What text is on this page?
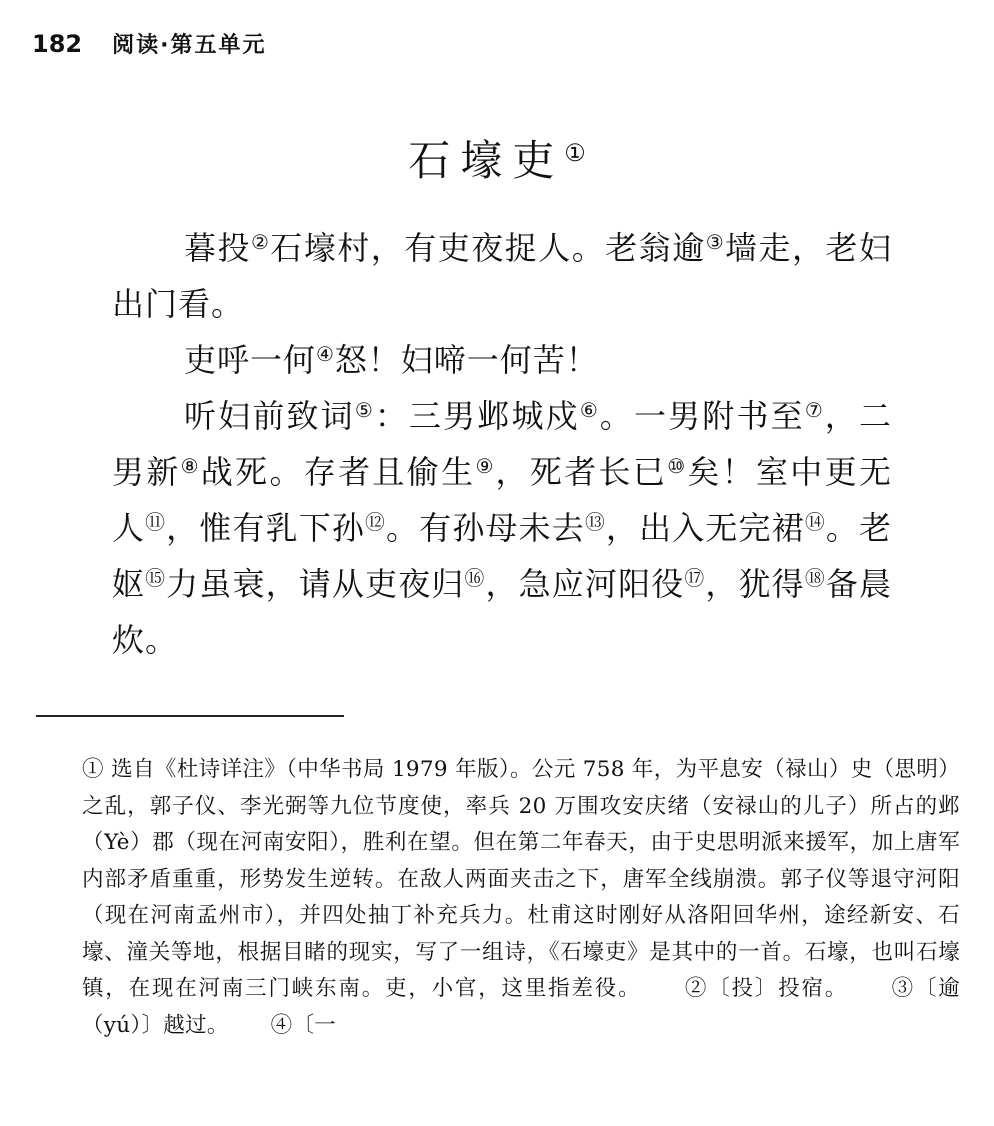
182 阅读·第五单元
石壕吏①

暮投②石壕村，有吏夜捉人。老翁逾③墙走，老妇出门看。

吏呼一何④怒！妇啼一何苦！

听妇前致词⑤：三男邺城戍⑥。一男附书至⑦，二男新⑧战死。存者且偷生⑨，死者长已⑩矣！室中更无人⑪，惟有乳下孙⑫。有孙母未去⑬，出入无完裙⑭。老妪⑮力虽衰，请从吏夜归⑯，急应河阳役⑰，犹得⑱备晨炊。

① 选自《杜诗详注》（中华书局 1979 年版）。公元 758 年，为平息安（禄山）史（思明）之乱，郭子仪、李光弼等九位节度使，率兵 20 万围攻安庆绪（安禄山的儿子）所占的邺（Yè）郡（现在河南安阳），胜利在望。但在第二年春天，由于史思明派来援军，加上唐军内部矛盾重重，形势发生逆转。在敌人两面夹击之下，唐军全线崩溃。郭子仪等退守河阳（现在河南孟州市），并四处抽丁补充兵力。杜甫这时刚好从洛阳回华州，途经新安、石壕、潼关等地，根据目睹的现实，写了一组诗，《石壕吏》是其中的一首。石壕，也叫石壕镇，在现在河南三门峡东南。吏，小官，这里指差役。 ②〔投〕投宿。 ③〔逾（yú）〕越过。 ④〔一
